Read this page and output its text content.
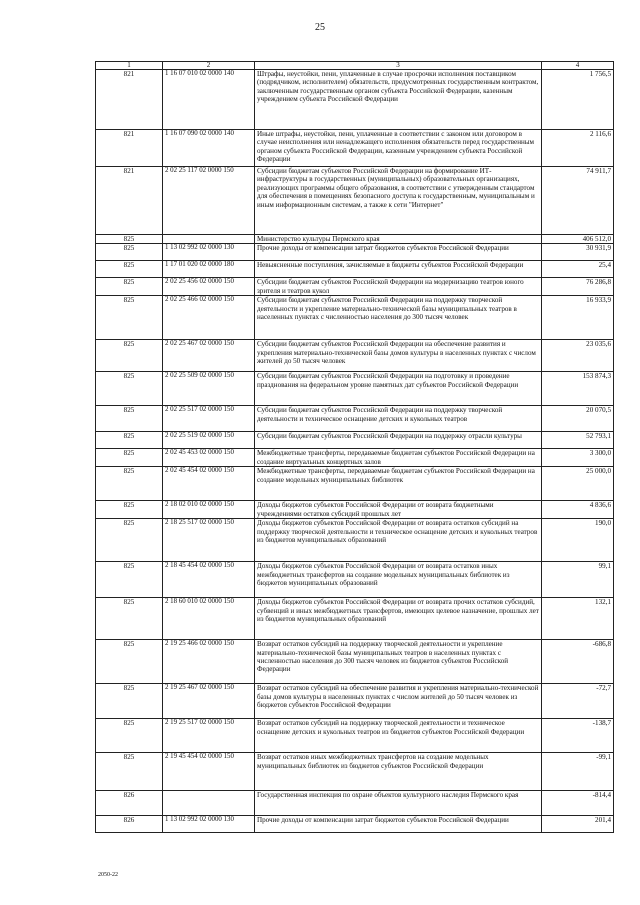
25
1	2	3	4
821	1 16 07 010 02 0000 140	Штрафы, неустойки, пени, уплаченные в случае просрочки исполнения поставщиком (подрядчиком, исполнителем) обязательств, предусмотренных государственным контрактом, заключенным государственным органом субъекта Российской Федерации, казенным учреждением субъекта Российской Федерации	1 756,5
821	1 16 07 090 02 0000 140	Иные штрафы, неустойки, пени, уплаченные в соответствии с законом или договором в случае неисполнения или ненадлежащего исполнения обязательств перед государственным органом субъекта Российской Федерации, казенным учреждением субъекта Российской Федерации	2 116,6
821	2 02 25 117 02 0000 150	Субсидии бюджетам субъектов Российской Федерации на формирование ИТ-инфраструктуры в государственных (муниципальных) образовательных организациях, реализующих программы общего образования, в соответствии с утвержденным стандартом для обеспечения в помещениях безопасного доступа к государственным, муниципальным и иным информационным системам, а также к сети "Интернет"	74 911,7
825		Министерство культуры Пермского края	406 512,0
825	1 13 02 992 02 0000 130	Прочие доходы от компенсации затрат бюджетов субъектов Российской Федерации	30 931,9
825	1 17 01 020 02 0000 180	Невыясненные поступления, зачисляемые в бюджеты субъектов Российской Федерации	25,4
825	2 02 25 456 02 0000 150	Субсидии бюджетам субъектов Российской Федерации на модернизацию театров юного зрителя и театров кукол	76 286,8
825	2 02 25 466 02 0000 150	Субсидии бюджетам субъектов Российской Федерации на поддержку творческой деятельности и укрепление материально-технической базы муниципальных театров в населенных пунктах с численностью населения до 300 тысяч человек	16 933,9
825	2 02 25 467 02 0000 150	Субсидии бюджетам субъектов Российской Федерации на обеспечение развития и укрепления материально-технической базы домов культуры в населенных пунктах с числом жителей до 50 тысяч человек	23 035,6
825	2 02 25 509 02 0000 150	Субсидии бюджетам субъектов Российской Федерации на подготовку и проведение празднования на федеральном уровне памятных дат субъектов Российской Федерации	153 874,3
825	2 02 25 517 02 0000 150	Субсидии бюджетам субъектов Российской Федерации на поддержку творческой деятельности и техническое оснащение детских и кукольных театров	20 070,5
825	2 02 25 519 02 0000 150	Субсидии бюджетам субъектов Российской Федерации на поддержку отрасли культуры	52 793,1
825	2 02 45 453 02 0000 150	Межбюджетные трансферты, передаваемые бюджетам субъектов Российской Федерации на создание виртуальных концертных залов	3 300,0
825	2 02 45 454 02 0000 150	Межбюджетные трансферты, передаваемые бюджетам субъектов Российской Федерации на создание модельных муниципальных библиотек	25 000,0
825	2 18 02 010 02 0000 150	Доходы бюджетов субъектов Российской Федерации от возврата бюджетными учреждениями остатков субсидий прошлых лет	4 836,6
825	2 18 25 517 02 0000 150	Доходы бюджетов субъектов Российской Федерации от возврата остатков субсидий на поддержку творческой деятельности и техническое оснащение детских и кукольных театров из бюджетов муниципальных образований	190,0
825	2 18 45 454 02 0000 150	Доходы бюджетов субъектов Российской Федерации от возврата остатков иных межбюджетных трансфертов на создание модельных муниципальных библиотек из бюджетов муниципальных образований	99,1
825	2 18 60 010 02 0000 150	Доходы бюджетов субъектов Российской Федерации от возврата прочих остатков субсидий, субвенций и иных межбюджетных трансфертов, имеющих целевое назначение, прошлых лет из бюджетов муниципальных образований	132,1
825	2 19 25 466 02 0000 150	Возврат остатков субсидий на поддержку творческой деятельности и укрепление материально-технической базы муниципальных театров в населенных пунктах с численностью населения до 300 тысяч человек из бюджетов субъектов Российской Федерации	-686,8
825	2 19 25 467 02 0000 150	Возврат остатков субсидий на обеспечение развития и укрепления материально-технической базы домов культуры в населенных пунктах с числом жителей до 50 тысяч человек из бюджетов субъектов Российской Федерации	-72,7
825	2 19 25 517 02 0000 150	Возврат остатков субсидий на поддержку творческой деятельности и техническое оснащение детских и кукольных театров из бюджетов субъектов Российской Федерации	-138,7
825	2 19 45 454 02 0000 150	Возврат остатков иных межбюджетных трансфертов на создание модельных муниципальных библиотек из бюджетов субъектов Российской Федерации	-99,1
826		Государственная инспекция по охране объектов культурного наследия Пермского края	-814,4
826	1 13 02 992 02 0000 130	Прочие доходы от компенсации затрат бюджетов субъектов Российской Федерации	201,4
2050-22
